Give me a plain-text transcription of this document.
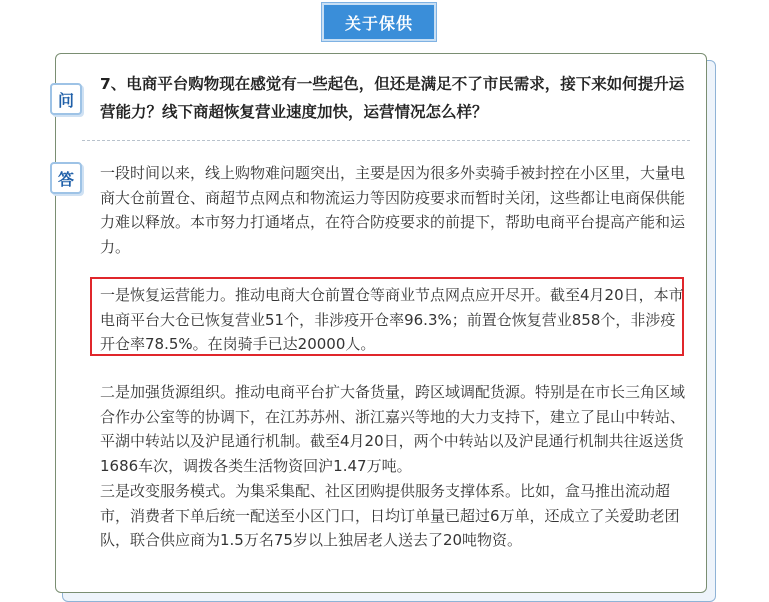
关于保供
问
7、电商平台购物现在感觉有一些起色，但还是满足不了市民需求，接下来如何提升运营能力？线下商超恢复营业速度加快，运营情况怎么样？
答	一段时间以来，线上购物难问题突出，主要是因为很多外卖骑手被封控在小区里，大量电商大仓前置仓、商超节点网点和物流运力等因防疫要求而暂时关闭，这些都让电商保供能力难以释放。本市努力打通堵点，在符合防疫要求的前提下，帮助电商平台提高产能和运力。
一是恢复运营能力。推动电商大仓前置仓等商业节点网点应开尽开。截至4月20日，本市电商平台大仓已恢复营业51个，非涉疫开仓率96.3%；前置仓恢复营业858个，非涉疫开仓率78.5%。在岗骑手已达20000人。
二是加强货源组织。推动电商平台扩大备货量，跨区域调配货源。特别是在市长三角区域合作办公室等的协调下，在江苏苏州、浙江嘉兴等地的大力支持下，建立了昆山中转站、平湖中转站以及沪昆通行机制。截至4月20日，两个中转站以及沪昆通行机制共往返送货1686车次，调拨各类生活物资回沪1.47万吨。
三是改变服务模式。为集采集配、社区团购提供服务支撑体系。比如，盒马推出流动超市，消费者下单后统一配送至小区门口，日均订单量已超过6万单，还成立了关爱助老团队，联合供应商为1.5万名75岁以上独居老人送去了20吨物资。
